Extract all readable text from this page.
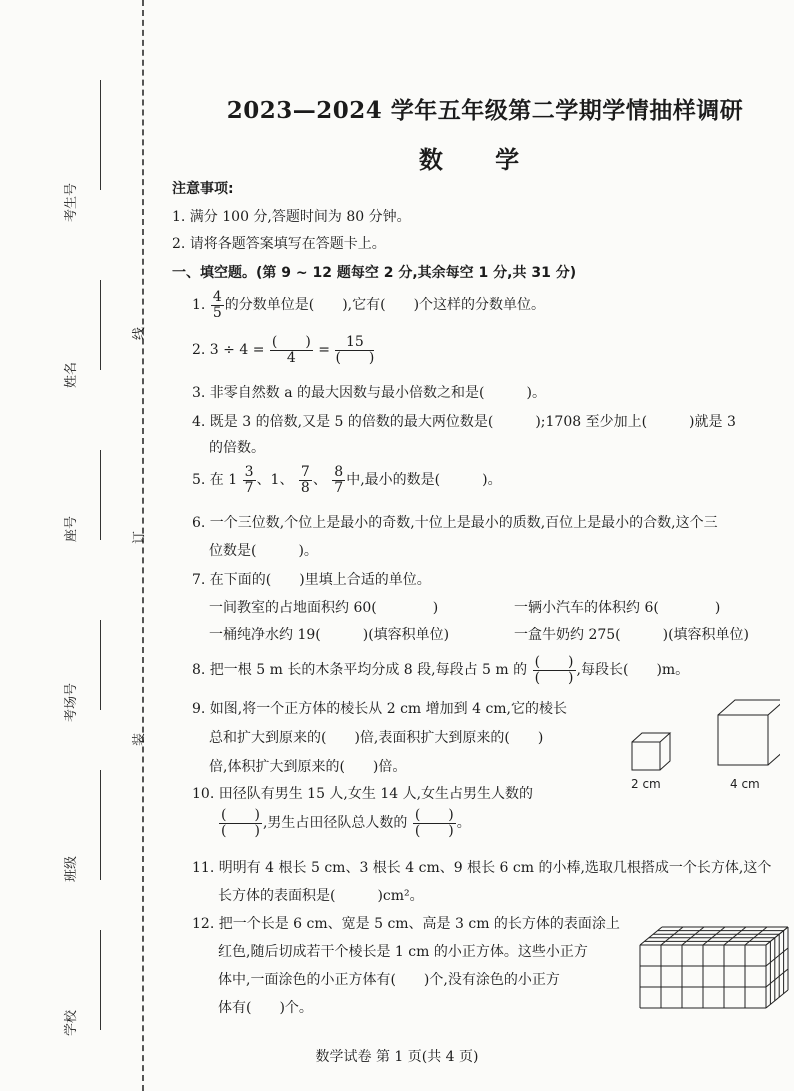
考生号
姓名
座号
考场号
班级
学校
线
订
装
2023—2024 学年五年级第二学期学情抽样调研
数 学
注意事项:
1. 满分 100 分,答题时间为 80 分钟。
2. 请将各题答案填写在答题卡上。
一、填空题。(第 9 ~ 12 题每空 2 分,其余每空 1 分,共 31 分)
1. $\frac{4}{5}$ 的分数单位是(　　),它有(　　)个这样的分数单位。
2. $3 \div 4 = \frac{( )}{4} = \frac{15}{( )}$
3. 非零自然数 a 的最大因数与最小倍数之和是(　　　)。
4. 既是 3 的倍数,又是 5 的倍数的最大两位数是(　　　);1708 至少加上(　　　)就是 3
的倍数。
5. 在 $1 \frac{3}{7}$ 、1、 $\frac{7}{8}$ 、 $\frac{8}{7}$ 中,最小的数是(　　　)。
6. 一个三位数,个位上是最小的奇数,十位上是最小的质数,百位上是最小的合数,这个三
位数是(　　　)。
7. 在下面的(　　)里填上合适的单位。
一间教室的占地面积约 60(　　　　)	一辆小汽车的体积约 6(　　　　)
一桶纯净水约 19(　　　)(填容积单位)	一盒牛奶约 275(　　　)(填容积单位)
8. 把一根 5 m 长的木条平均分成 8 段,每段占 5 m 的 $\frac{( )}{( )}$ ,每段长(　　)m。
9. 如图,将一个正方体的棱长从 2 cm 增加到 4 cm,它的棱长
总和扩大到原来的(　　)倍,表面积扩大到原来的(　　)
倍,体积扩大到原来的(　　)倍。
2 cm	4 cm
10. 田径队有男生 15 人,女生 14 人,女生占男生人数的
$\frac{( )}{( )}$ ,男生占田径队总人数的 $\frac{( )}{( )}$ 。
11. 明明有 4 根长 5 cm、3 根长 4 cm、9 根长 6 cm 的小棒,选取几根搭成一个长方体,这个
长方体的表面积是(　　　)cm²。
12. 把一个长是 6 cm、宽是 5 cm、高是 3 cm 的长方体的表面涂上
红色,随后切成若干个棱长是 1 cm 的小正方体。这些小正方
体中,一面涂色的小正方体有(　　)个,没有涂色的小正方
体有(　　)个。
数学试卷 第 1 页(共 4 页)
